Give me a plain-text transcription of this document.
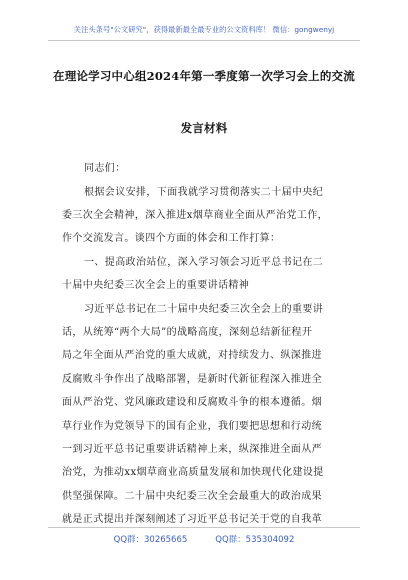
关注头条号"公文研究"，获得最新最全最专业的公文资料库！ 微信：gongwenyj
在理论学习中心组2024年第一季度第一次学习会上的交流
发言材料
同志们：
根据会议安排，下面我就学习贯彻落实二十届中央纪
委三次全会精神，深入推进x烟草商业全面从严治党工作，
作个交流发言。谈四个方面的体会和工作打算：
一、提高政治站位，深入学习领会习近平总书记在二
十届中央纪委三次全会上的重要讲话精神
习近平总书记在二十届中央纪委三次全会上的重要讲
话，从统筹“两个大局”的战略高度，深刻总结新征程开
局之年全面从严治党的重大成就，对持续发力、纵深推进
反腐败斗争作出了战略部署，是新时代新征程深入推进全
面从严治党、党风廉政建设和反腐败斗争的根本遵循。烟
草行业作为党领导下的国有企业，我们要把思想和行动统
一到习近平总书记重要讲话精神上来，纵深推进全面从严
治党，为推动xx烟草商业高质量发展和加快现代化建设提
供坚强保障。二十届中央纪委三次全会最重大的政治成果
就是正式提出并深刻阐述了习近平总书记关于党的自我革
QQ群：30265665	QQ群：535304092
